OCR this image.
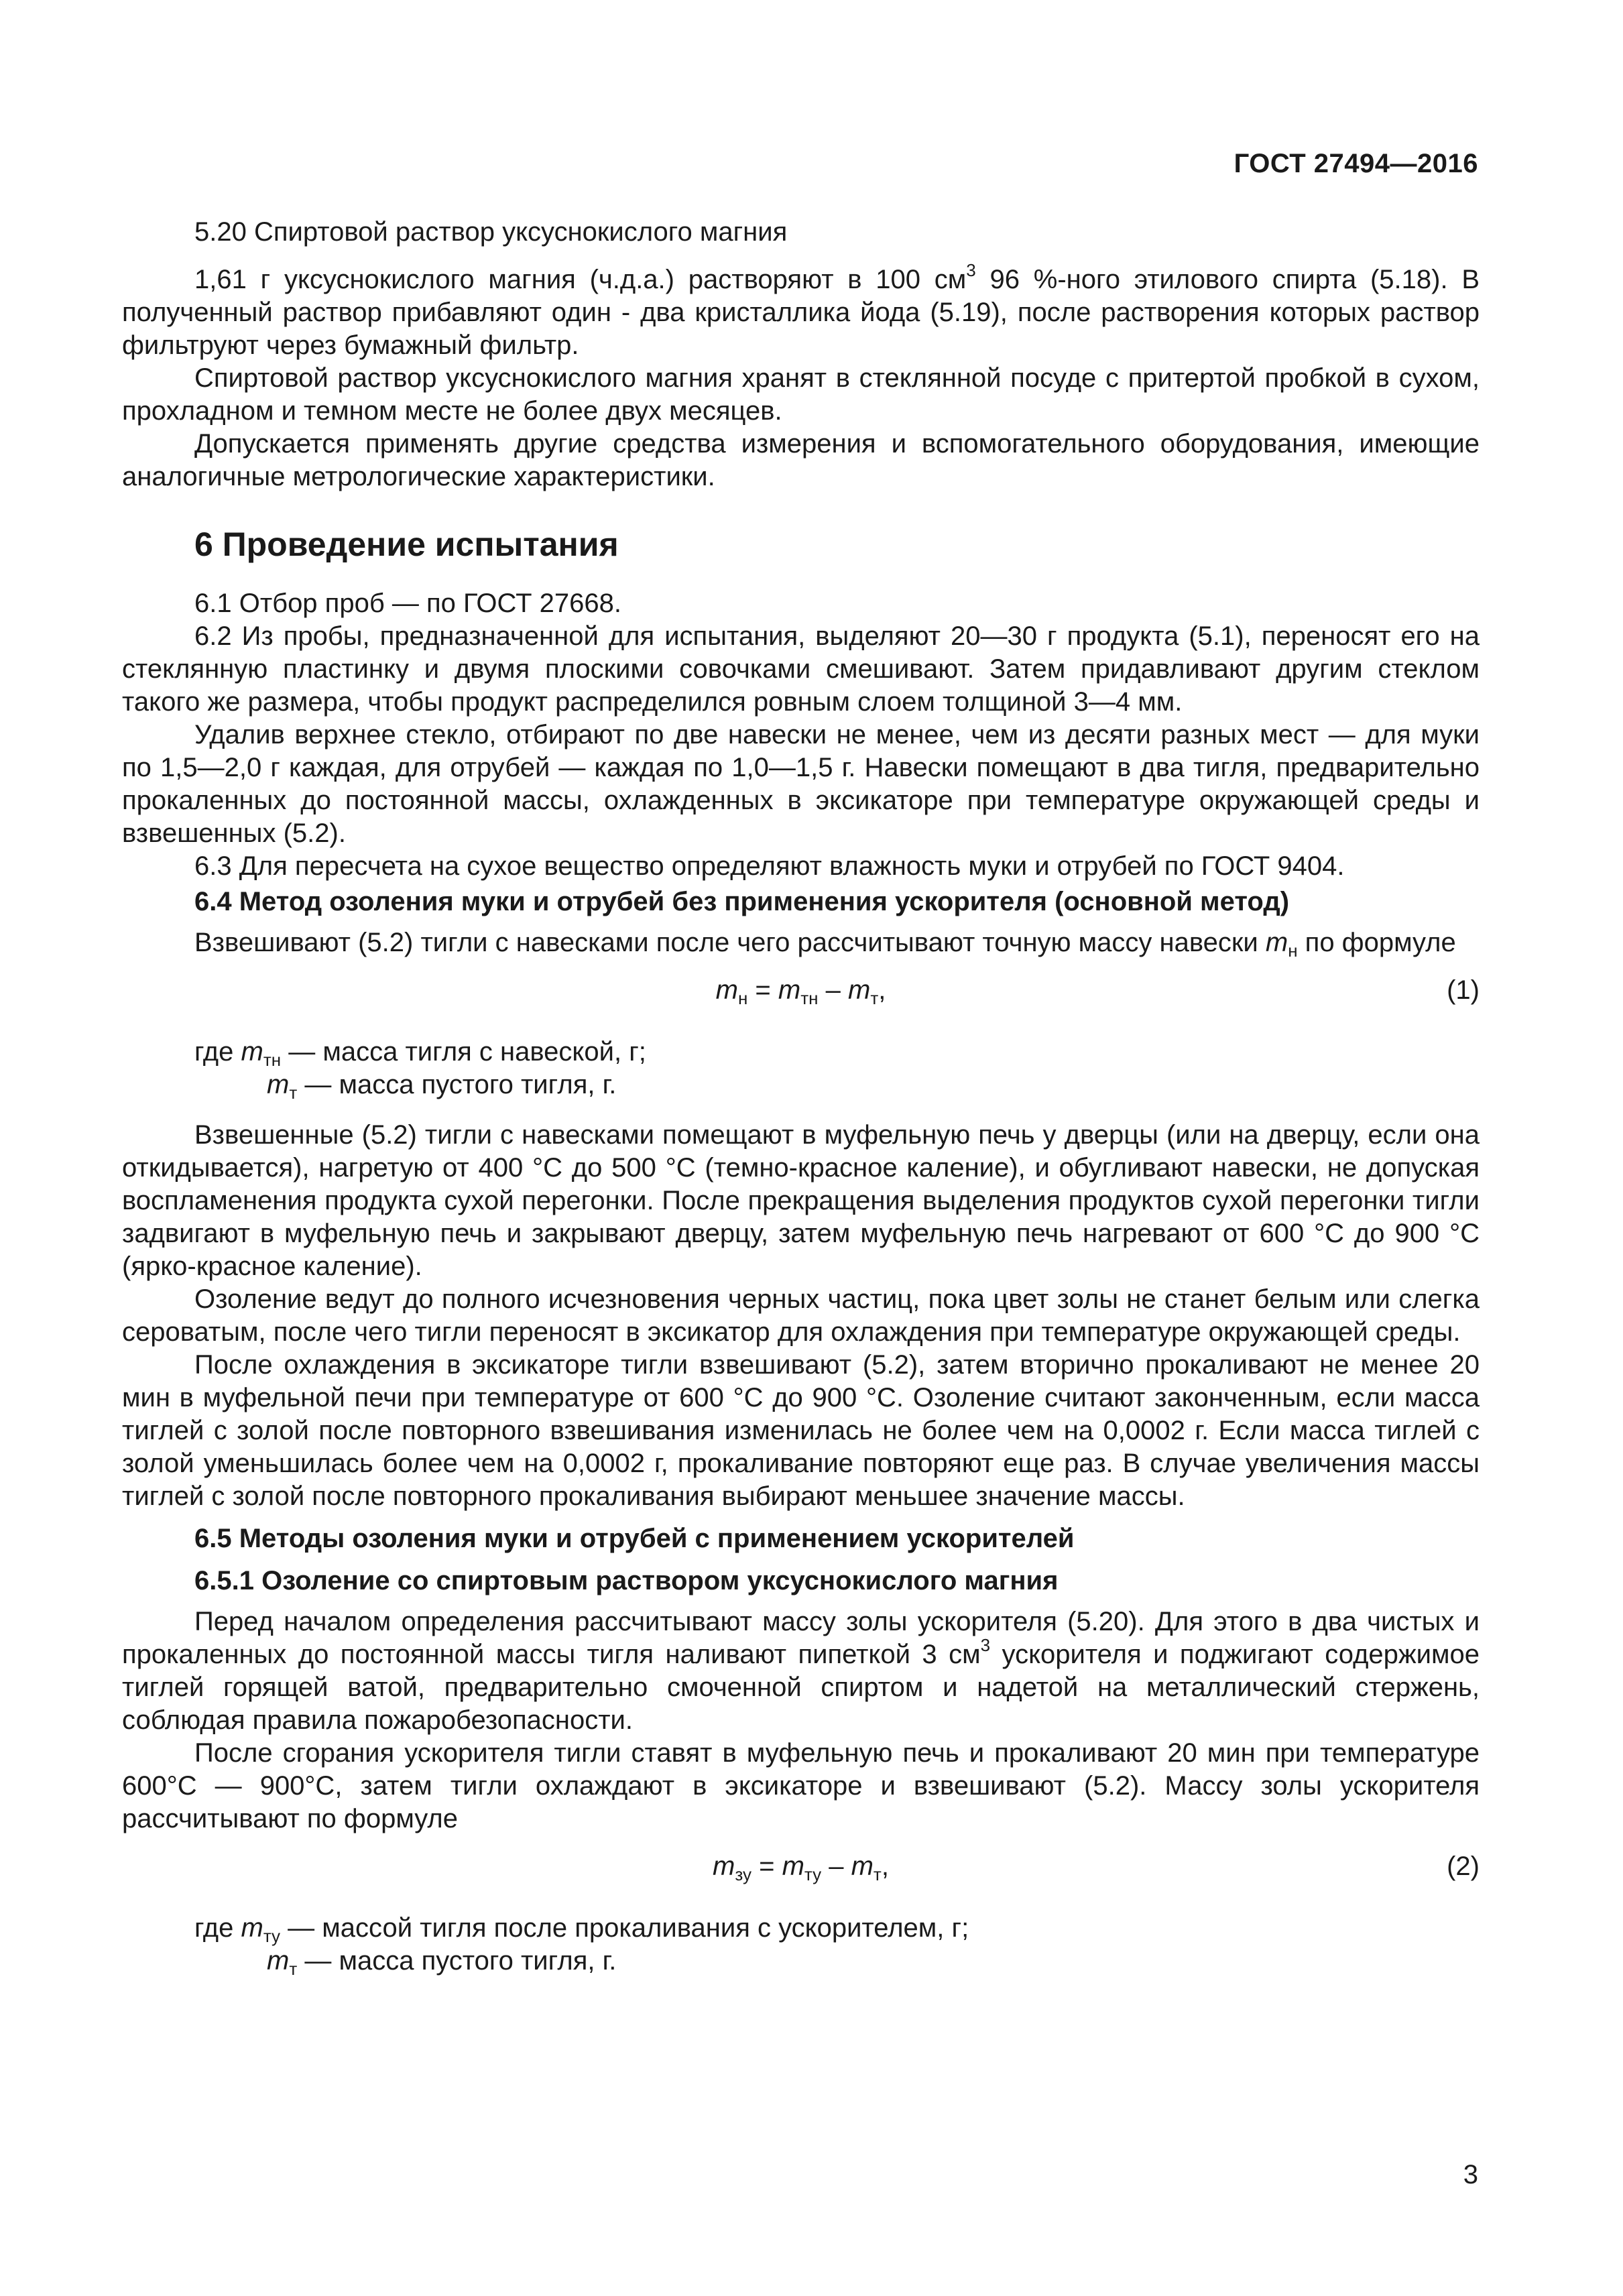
ГОСТ 27494—2016

5.20 Спиртовой раствор уксуснокислого магния

1,61 г уксуснокислого магния (ч.д.а.) растворяют в 100 $см^3$ 96 %-ного этилового спирта (5.18). В полученный раствор прибавляют один - два кристаллика йода (5.19), после растворения которых раствор фильтруют через бумажный фильтр.

Спиртовой раствор уксуснокислого магния хранят в стеклянной посуде с притертой пробкой в сухом, прохладном и темном месте не более двух месяцев.

Допускается применять другие средства измерения и вспомогательного оборудования, имеющие аналогичные метрологические характеристики.

6 Проведение испытания

6.1 Отбор проб — по ГОСТ 27668.

6.2 Из пробы, предназначенной для испытания, выделяют 20—30 г продукта (5.1), переносят его на стеклянную пластинку и двумя плоскими совочками смешивают. Затем придавливают другим стеклом такого же размера, чтобы продукт распределился ровным слоем толщиной 3—4 мм.

Удалив верхнее стекло, отбирают по две навески не менее, чем из десяти разных мест — для муки по 1,5—2,0 г каждая, для отрубей — каждая по 1,0—1,5 г. Навески помещают в два тигля, предварительно прокаленных до постоянной массы, охлажденных в эксикаторе при температуре окружающей среды и взвешенных (5.2).

6.3 Для пересчета на сухое вещество определяют влажность муки и отрубей по ГОСТ 9404.

6.4 Метод озоления муки и отрубей без применения ускорителя (основной метод)

Взвешивают (5.2) тигли с навесками после чего рассчитывают точную массу навески $m_н$ по формуле

$m_н = m_{тн} - m_т$,	(1)

где $m_{тн}$ — масса тигля с навеской, г;

$m_т$ — масса пустого тигля, г.

Взвешенные (5.2) тигли с навесками помещают в муфельную печь у дверцы (или на дверцу, если она откидывается), нагретую от 400 °С до 500 °С (темно-красное каление), и обугливают навески, не допуская воспламенения продукта сухой перегонки. После прекращения выделения продуктов сухой перегонки тигли задвигают в муфельную печь и закрывают дверцу, затем муфельную печь нагревают от 600 °С до 900 °С (ярко-красное каление).

Озоление ведут до полного исчезновения черных частиц, пока цвет золы не станет белым или слегка сероватым, после чего тигли переносят в эксикатор для охлаждения при температуре окружающей среды.

После охлаждения в эксикаторе тигли взвешивают (5.2), затем вторично прокаливают не менее 20 мин в муфельной печи при температуре от 600 °С до 900 °С. Озоление считают законченным, если масса тиглей с золой после повторного взвешивания изменилась не более чем на 0,0002 г. Если масса тиглей с золой уменьшилась более чем на 0,0002 г, прокаливание повторяют еще раз. В случае увеличения массы тиглей с золой после повторного прокаливания выбирают меньшее значение массы.

6.5 Методы озоления муки и отрубей с применением ускорителей
6.5.1 Озоление со спиртовым раствором уксуснокислого магния

Перед началом определения рассчитывают массу золы ускорителя (5.20). Для этого в два чистых и прокаленных до постоянной массы тигля наливают пипеткой 3 $см^3$ ускорителя и поджигают содержимое тиглей горящей ватой, предварительно смоченной спиртом и надетой на металлический стержень, соблюдая правила пожаробезопасности.

После сгорания ускорителя тигли ставят в муфельную печь и прокаливают 20 мин при температуре 600°С — 900°С, затем тигли охлаждают в эксикаторе и взвешивают (5.2). Массу золы ускорителя рассчитывают по формуле

$m_{зу} = m_{ту} - m_т$,	(2)

где $m_{ту}$ — массой тигля после прокаливания с ускорителем, г;

$m_т$ — масса пустого тигля, г.

3
